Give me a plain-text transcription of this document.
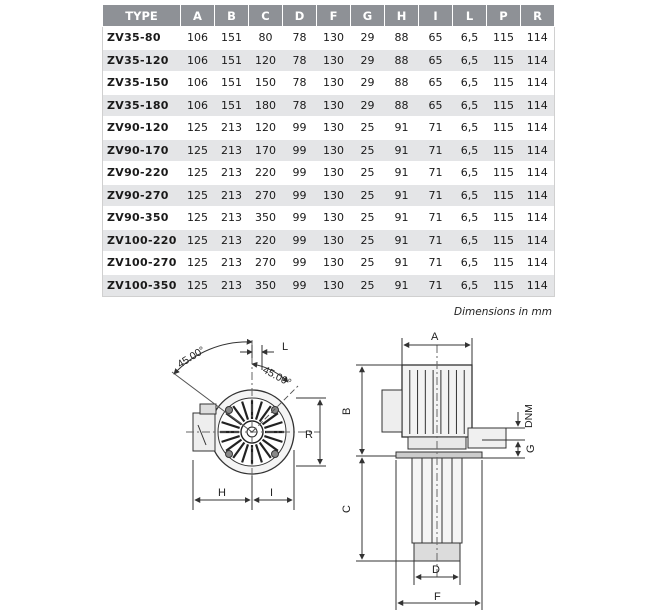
TYPE	A	B	C	D	F	G	H	I	L	P	R
ZV35-80	106	151	80	78	130	29	88	65	6,5	115	114
ZV35-120	106	151	120	78	130	29	88	65	6,5	115	114
ZV35-150	106	151	150	78	130	29	88	65	6,5	115	114
ZV35-180	106	151	180	78	130	29	88	65	6,5	115	114
ZV90-120	125	213	120	99	130	25	91	71	6,5	115	114
ZV90-170	125	213	170	99	130	25	91	71	6,5	115	114
ZV90-220	125	213	220	99	130	25	91	71	6,5	115	114
ZV90-270	125	213	270	99	130	25	91	71	6,5	115	114
ZV90-350	125	213	350	99	130	25	91	71	6,5	115	114
ZV100-220	125	213	220	99	130	25	91	71	6,5	115	114
ZV100-270	125	213	270	99	130	25	91	71	6,5	115	114
ZV100-350	125	213	350	99	130	25	91	71	6,5	115	114
Dimensions in mm
45.00°
45.00°
L
R
H	I
A
B
C
D
F
G
DNM
